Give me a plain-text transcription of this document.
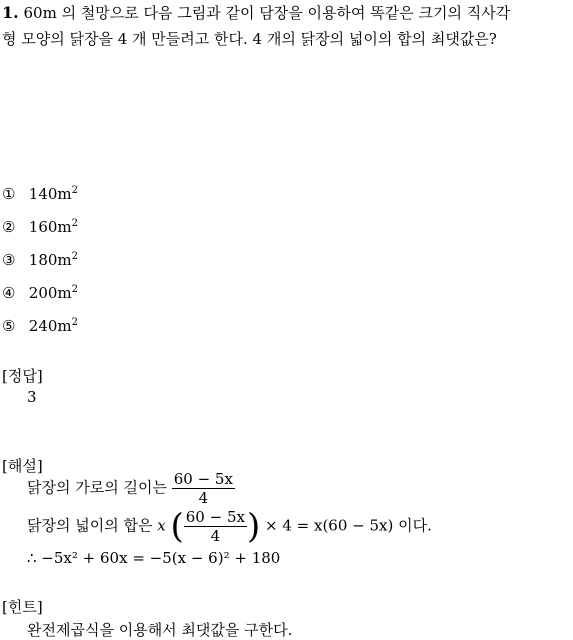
1. 60m 의 철망으로 다음 그림과 같이 담장을 이용하여 똑같은 크기의 직사각
형 모양의 닭장을 4 개 만들려고 한다. 4 개의 닭장의 넓이의 합의 최댓값은?
① $140m^2$
② $160m^2$
③ $180m^2$
④ $200m^2$
⑤ $240m^2$
[정답]
3
[해설]
닭장의 가로의 길이는 $\frac{60 - 5x}{4}$
닭장의 넓이의 합은 x ( $\frac{60 - 5x}{4}$ ) × 4 = x(60 − 5x) 이다.
∴ −5x² + 60x = −5(x − 6)² + 180
[힌트]
완전제곱식을 이용해서 최댓값을 구한다.
